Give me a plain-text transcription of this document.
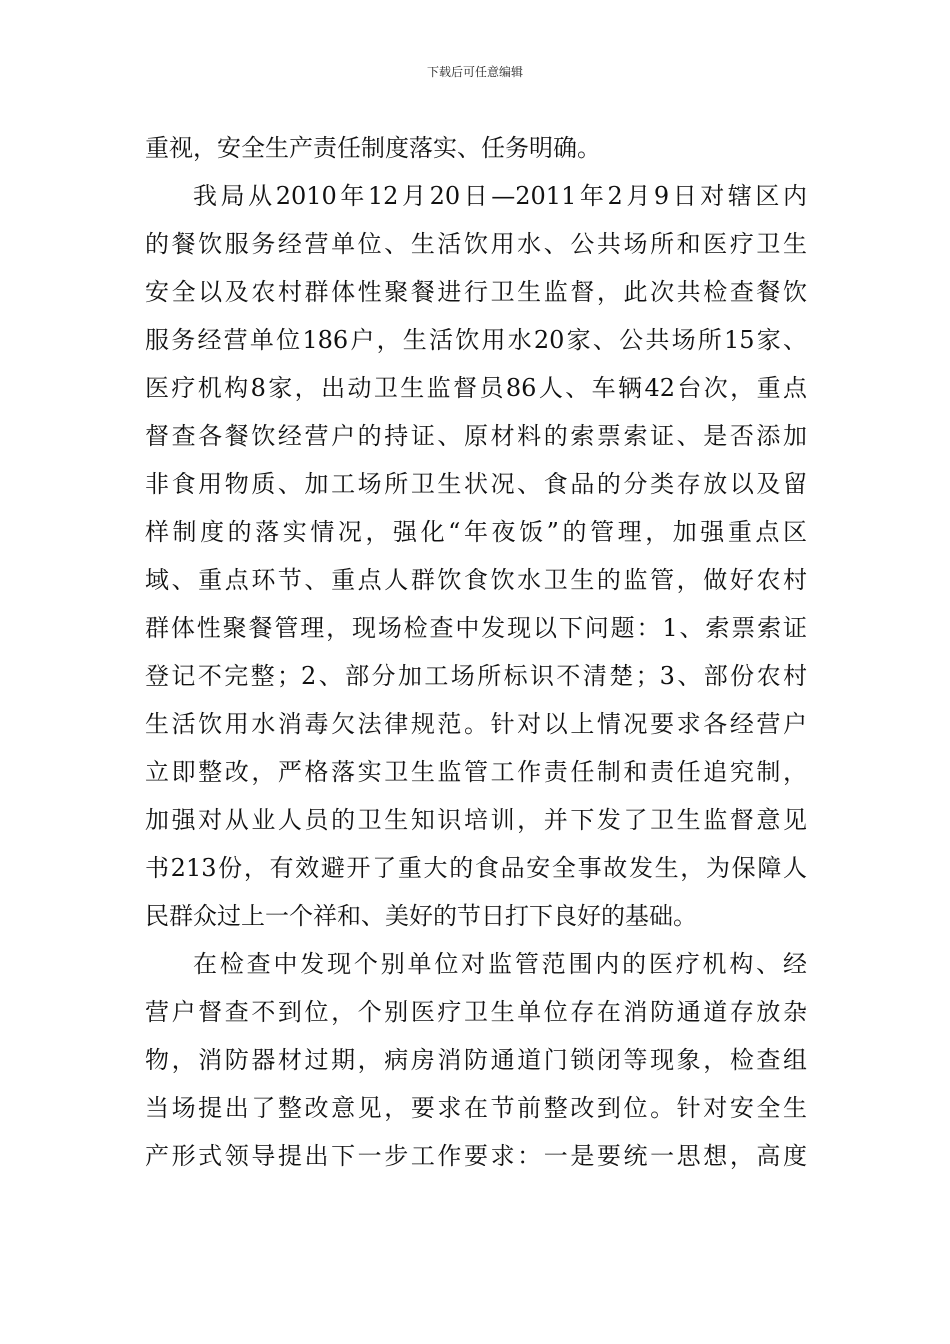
下载后可任意编辑
重视，安全生产责任制度落实、任务明确。
我局从2010年12月20日—2011年2月9日对辖区内
的餐饮服务经营单位、生活饮用水、公共场所和医疗卫生
安全以及农村群体性聚餐进行卫生监督，此次共检查餐饮
服务经营单位186户，生活饮用水20家、公共场所15家、
医疗机构8家，出动卫生监督员86人、车辆42台次，重点
督查各餐饮经营户的持证、原材料的索票索证、是否添加
非食用物质、加工场所卫生状况、食品的分类存放以及留
样制度的落实情况，强化“年夜饭”的管理，加强重点区
域、重点环节、重点人群饮食饮水卫生的监管，做好农村
群体性聚餐管理，现场检查中发现以下问题：1、索票索证
登记不完整；2、部分加工场所标识不清楚；3、部份农村
生活饮用水消毒欠法律规范。针对以上情况要求各经营户
立即整改，严格落实卫生监管工作责任制和责任追究制，
加强对从业人员的卫生知识培训，并下发了卫生监督意见
书213份，有效避开了重大的食品安全事故发生，为保障人
民群众过上一个祥和、美好的节日打下良好的基础。
在检查中发现个别单位对监管范围内的医疗机构、经
营户督查不到位，个别医疗卫生单位存在消防通道存放杂
物，消防器材过期，病房消防通道门锁闭等现象，检查组
当场提出了整改意见，要求在节前整改到位。针对安全生
产形式领导提出下一步工作要求：一是要统一思想，高度
